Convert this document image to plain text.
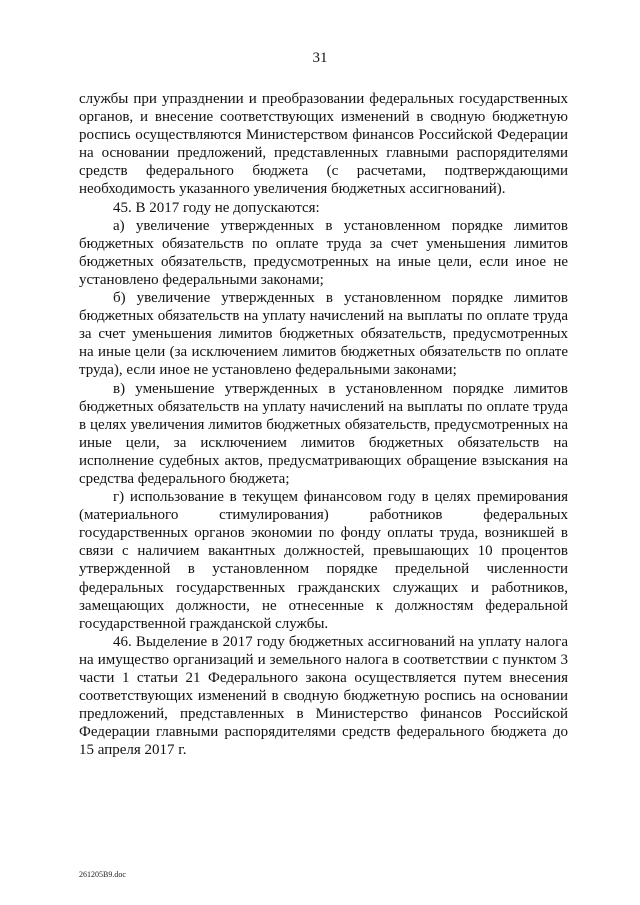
31

службы при упразднении и преобразовании федеральных государственных органов, и внесение соответствующих изменений в сводную бюджетную роспись осуществляются Министерством финансов Российской Федерации на основании предложений, представленных главными распорядителями средств федерального бюджета (с расчетами, подтверждающими необходимость указанного увеличения бюджетных ассигнований).

45. В 2017 году не допускаются:

а) увеличение утвержденных в установленном порядке лимитов бюджетных обязательств по оплате труда за счет уменьшения лимитов бюджетных обязательств, предусмотренных на иные цели, если иное не установлено федеральными законами;

б) увеличение утвержденных в установленном порядке лимитов бюджетных обязательств на уплату начислений на выплаты по оплате труда за счет уменьшения лимитов бюджетных обязательств, предусмотренных на иные цели (за исключением лимитов бюджетных обязательств по оплате труда), если иное не установлено федеральными законами;

в) уменьшение утвержденных в установленном порядке лимитов бюджетных обязательств на уплату начислений на выплаты по оплате труда в целях увеличения лимитов бюджетных обязательств, предусмотренных на иные цели, за исключением лимитов бюджетных обязательств на исполнение судебных актов, предусматривающих обращение взыскания на средства федерального бюджета;

г) использование в текущем финансовом году в целях премирования (материального стимулирования) работников федеральных государственных органов экономии по фонду оплаты труда, возникшей в связи с наличием вакантных должностей, превышающих 10 процентов утвержденной в установленном порядке предельной численности федеральных государственных гражданских служащих и работников, замещающих должности, не отнесенные к должностям федеральной государственной гражданской службы.

46. Выделение в 2017 году бюджетных ассигнований на уплату налога на имущество организаций и земельного налога в соответствии с пунктом 3 части 1 статьи 21 Федерального закона осуществляется путем внесения соответствующих изменений в сводную бюджетную роспись на основании предложений, представленных в Министерство финансов Российской Федерации главными распорядителями средств федерального бюджета до 15 апреля 2017 г.

261205B9.doc
